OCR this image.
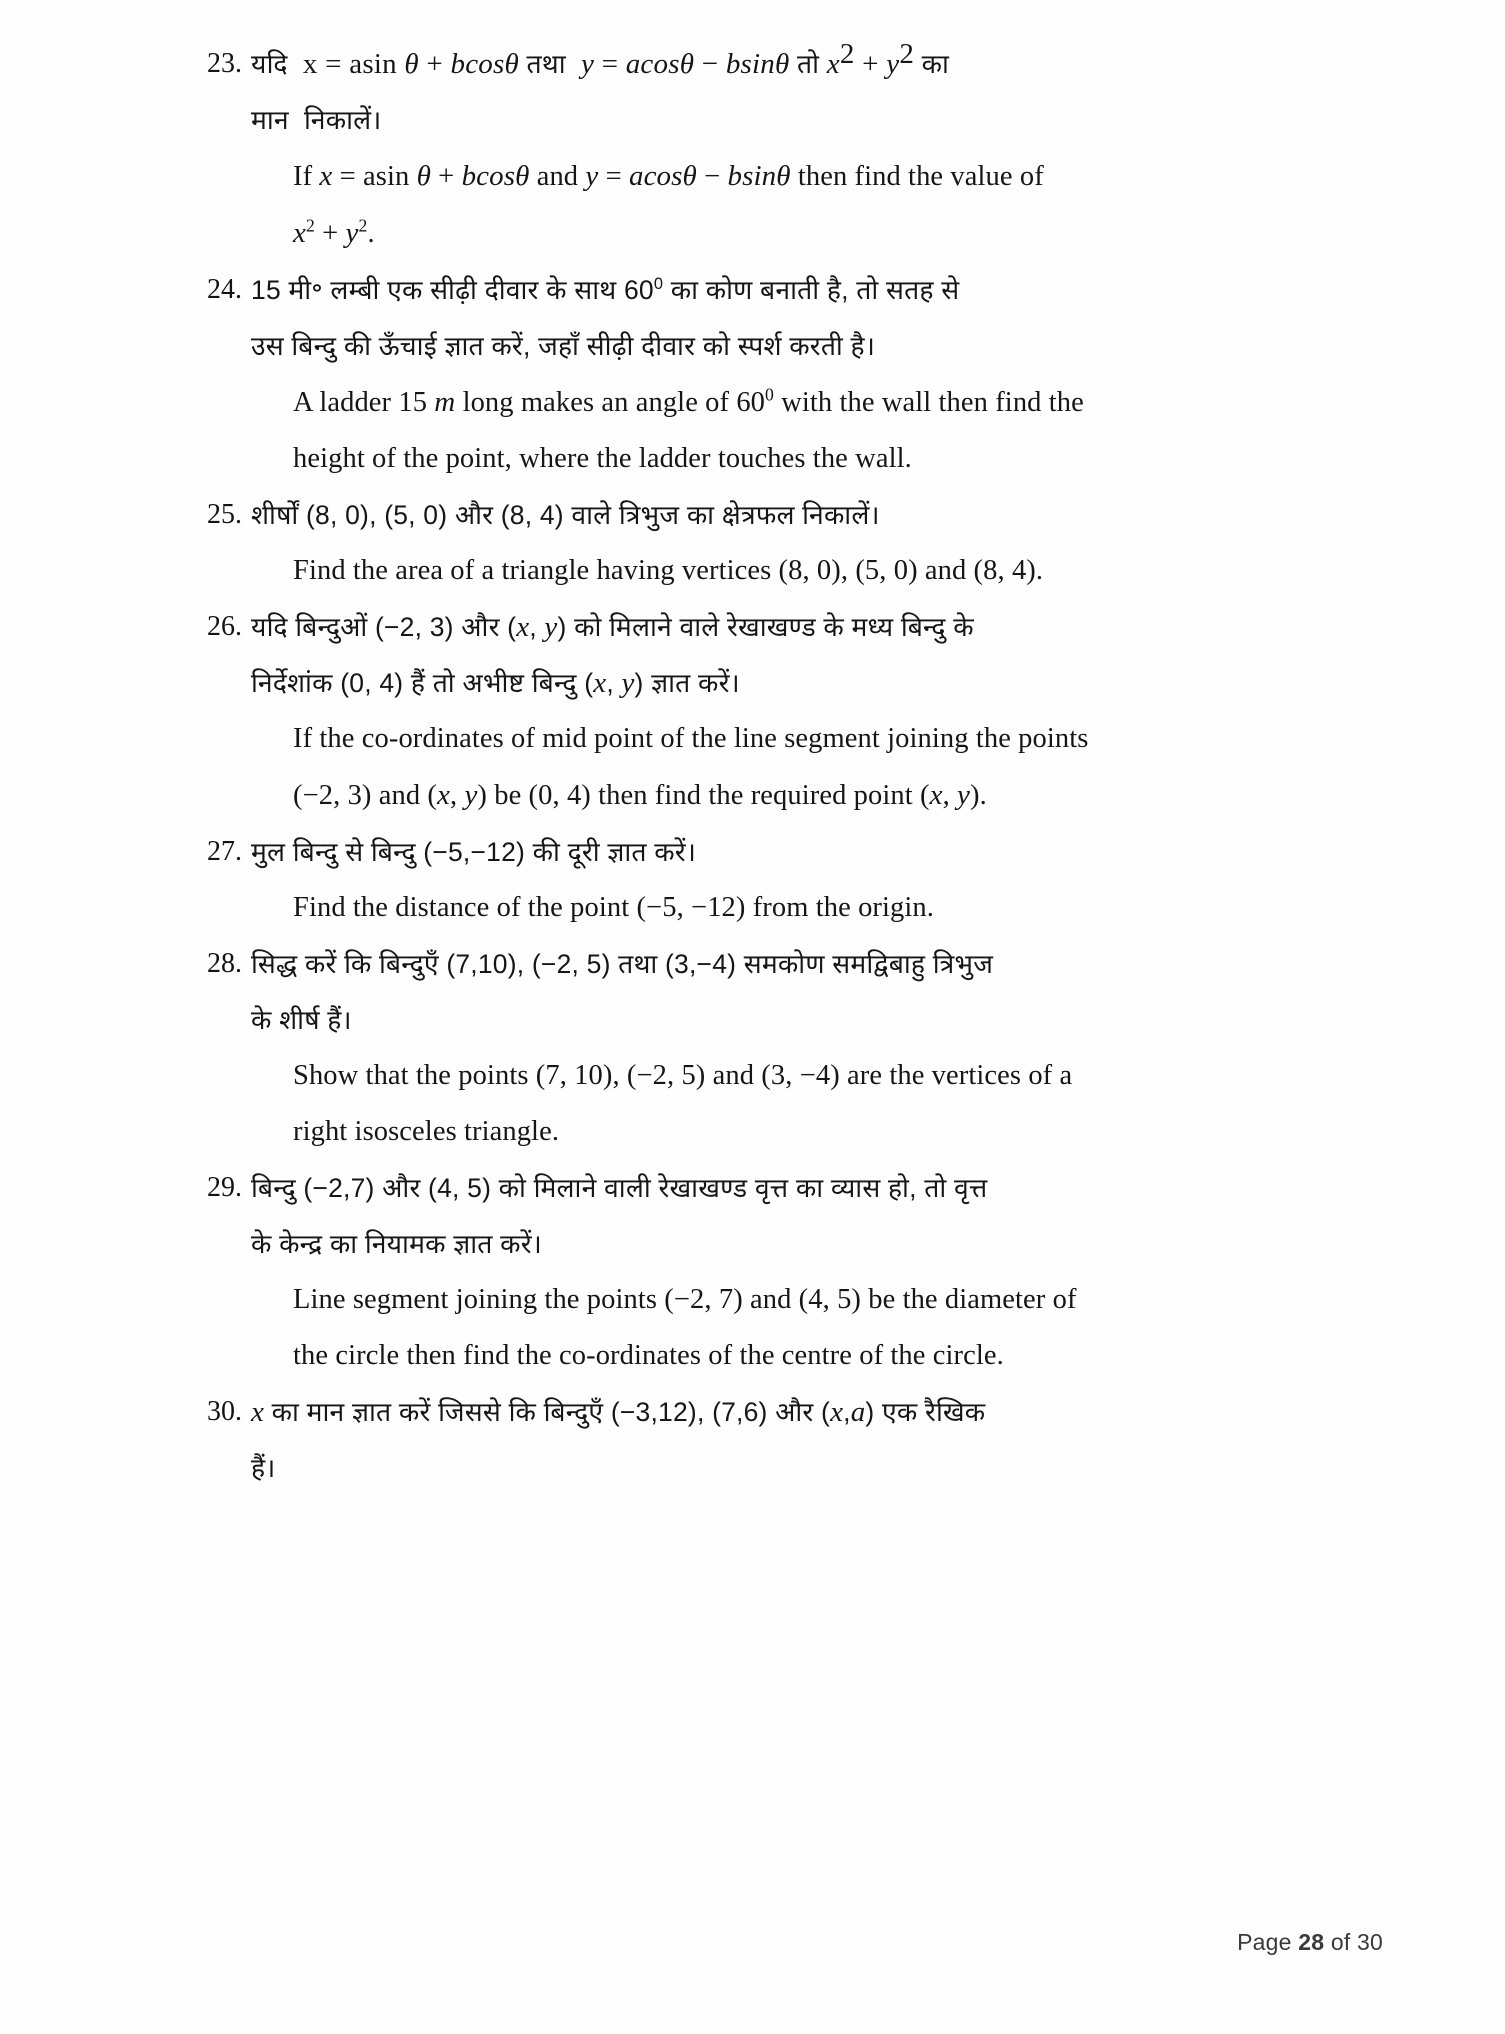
23. यदि  x = asin θ + bcosθ तथा  y = acosθ − bsinθ तो $x^2 + y^2$ का
मान  निकालें।
If x = asin θ + bcosθ and y = acosθ − bsinθ then find the value of
$x^2 + y^2$.
24. 15 मी॰ लम्बी एक सीढ़ी दीवार के साथ $60^0$ का कोण बनाती है, तो सतह से
उस बिन्दु की ऊँचाई ज्ञात करें, जहाँ सीढ़ी दीवार को स्पर्श करती है।
A ladder 15 m long makes an angle of $60^0$ with the wall then find the
height of the point, where the ladder touches the wall.
25. शीर्षों (8, 0), (5, 0) और (8, 4) वाले त्रिभुज का क्षेत्रफल निकालें।
Find the area of a triangle having vertices (8, 0), (5, 0) and (8, 4).
26. यदि बिन्दुओं (−2, 3) और (x, y) को मिलाने वाले रेखाखण्ड के मध्य बिन्दु के
निर्देशांक (0, 4) हैं तो अभीष्ट बिन्दु (x, y) ज्ञात करें।
If the co-ordinates of mid point of the line segment joining the points
(−2, 3) and (x, y) be (0, 4) then find the required point (x, y).
27. मुल बिन्दु से बिन्दु (−5,−12) की दूरी ज्ञात करें।
Find the distance of the point (−5, −12) from the origin.
28. सिद्ध करें कि बिन्दुएँ (7,10), (−2, 5) तथा (3,−4) समकोण समद्विबाहु त्रिभुज
के शीर्ष हैं।
Show that the points (7, 10), (−2, 5) and (3, −4) are the vertices of a
right isosceles triangle.
29. बिन्दु (−2,7) और (4, 5) को मिलाने वाली रेखाखण्ड वृत्त का व्यास हो, तो वृत्त
के केन्द्र का नियामक ज्ञात करें।
Line segment joining the points (−2, 7) and (4, 5) be the diameter of
the circle then find the co-ordinates of the centre of the circle.
30. x का मान ज्ञात करें जिससे कि बिन्दुएँ (−3,12), (7,6) और (x,a) एक रैखिक
हैं।
Page 28 of 30
